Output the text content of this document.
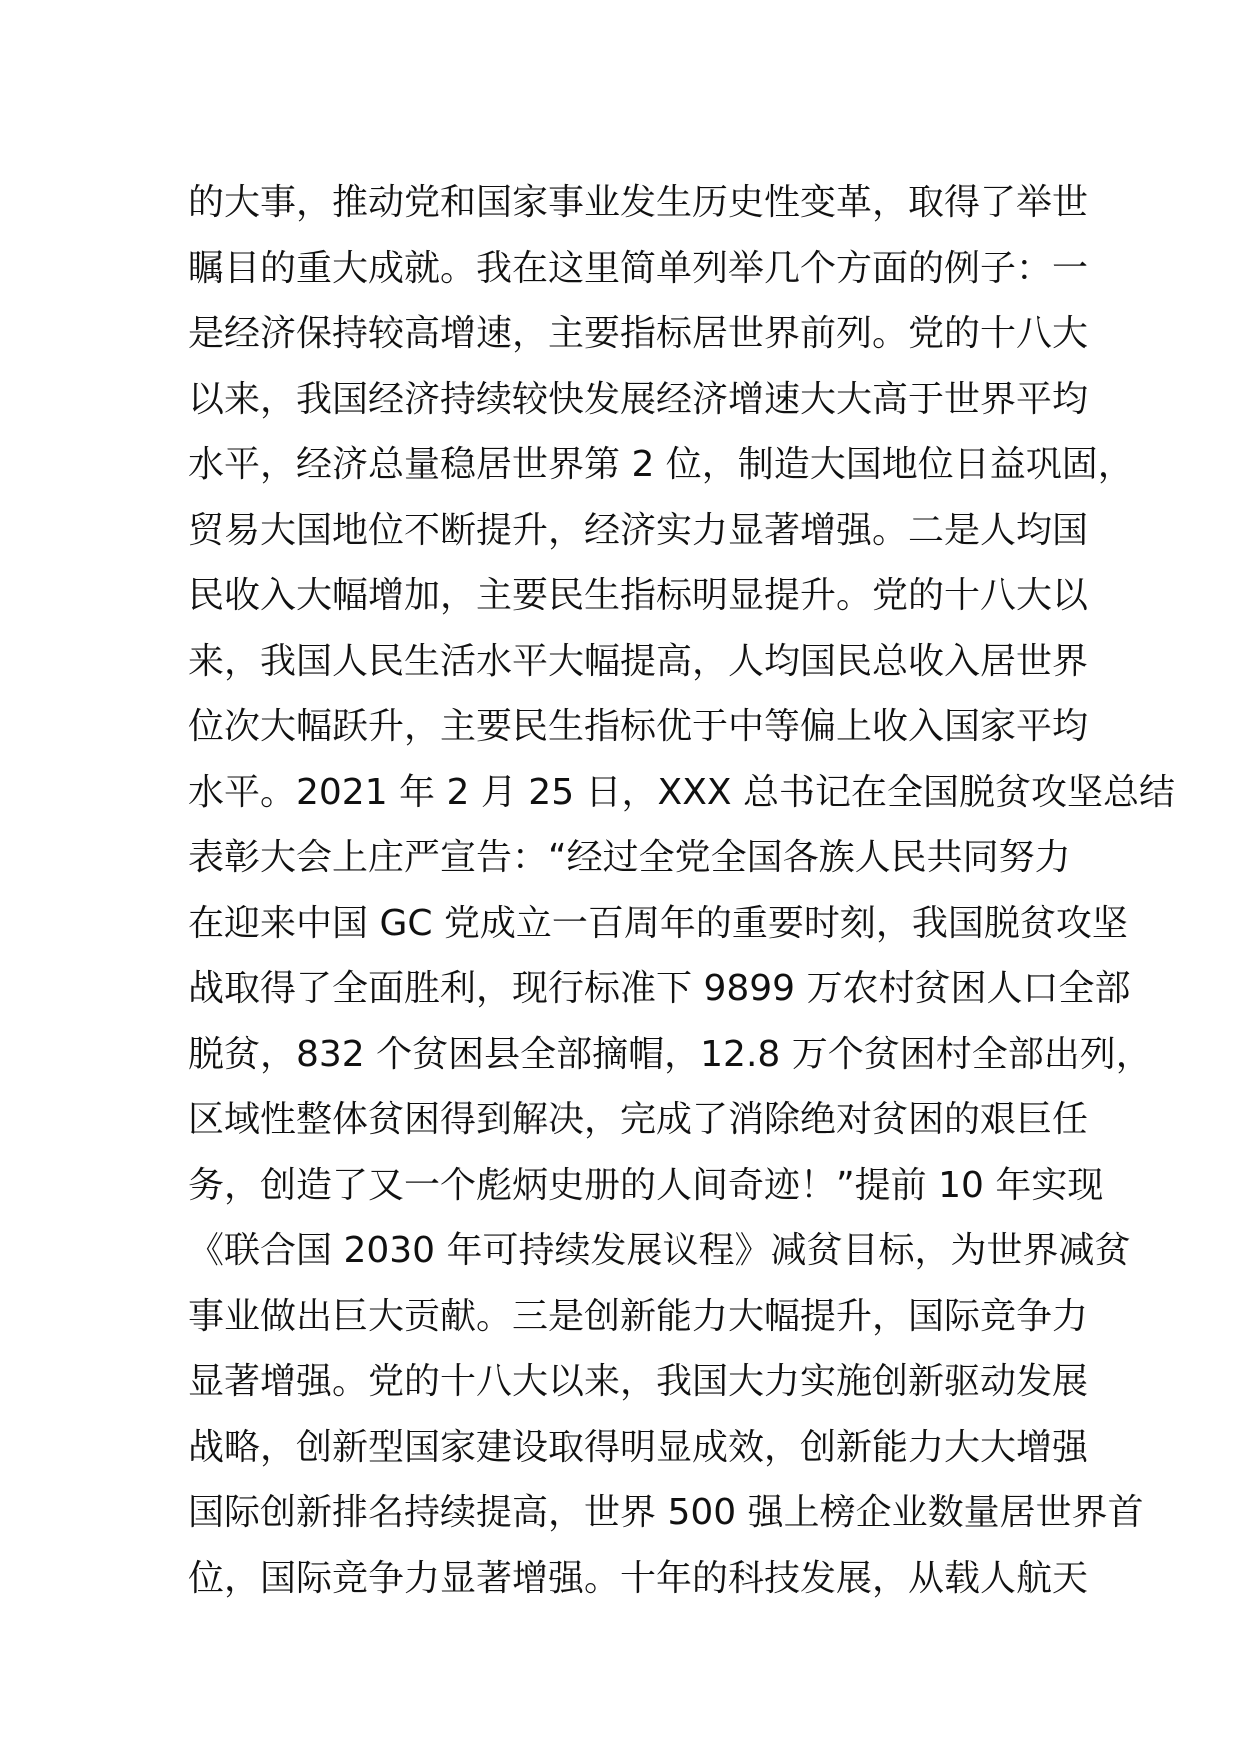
的大事，推动党和国家事业发生历史性变革，取得了举世
瞩目的重大成就。我在这里简单列举几个方面的例子：一
是经济保持较高增速，主要指标居世界前列。党的十八大
以来，我国经济持续较快发展经济增速大大高于世界平均
水平，经济总量稳居世界第 2 位，制造大国地位日益巩固，
贸易大国地位不断提升，经济实力显著增强。二是人均国
民收入大幅增加，主要民生指标明显提升。党的十八大以
来，我国人民生活水平大幅提高，人均国民总收入居世界
位次大幅跃升，主要民生指标优于中等偏上收入国家平均
水平。2021 年 2 月 25 日，XXX 总书记在全国脱贫攻坚总结
表彰大会上庄严宣告：“经过全党全国各族人民共同努力
在迎来中国 GC 党成立一百周年的重要时刻，我国脱贫攻坚
战取得了全面胜利，现行标准下 9899 万农村贫困人口全部
脱贫，832 个贫困县全部摘帽，12.8 万个贫困村全部出列，
区域性整体贫困得到解决，完成了消除绝对贫困的艰巨任
务，创造了又一个彪炳史册的人间奇迹！”提前 10 年实现
《联合国 2030 年可持续发展议程》减贫目标，为世界减贫
事业做出巨大贡献。三是创新能力大幅提升，国际竞争力
显著增强。党的十八大以来，我国大力实施创新驱动发展
战略，创新型国家建设取得明显成效，创新能力大大增强
国际创新排名持续提高，世界 500 强上榜企业数量居世界首
位，国际竞争力显著增强。十年的科技发展，从载人航天
